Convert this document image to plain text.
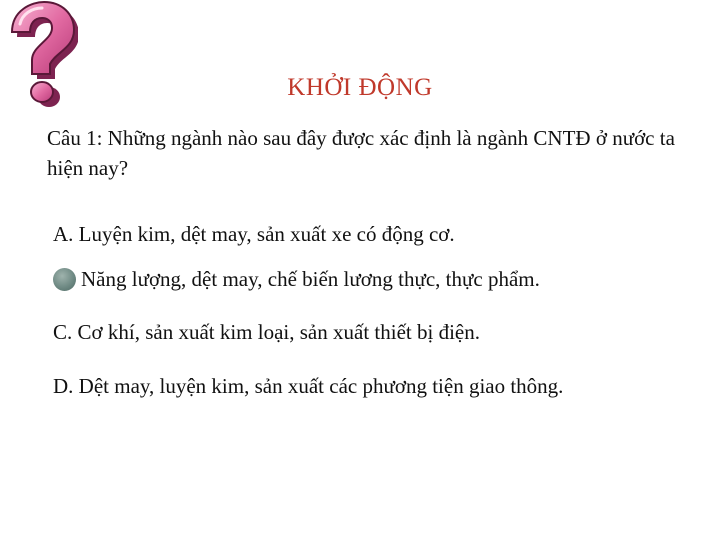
KHỞI ĐỘNG
Câu 1: Những ngành nào sau đây được xác định là ngành CNTĐ ở nước ta hiện nay?
A. Luyện kim, dệt may, sản xuất xe có động cơ.
Năng lượng, dệt may, chế biến lương thực, thực phẩm.
C. Cơ khí, sản xuất kim loại, sản xuất thiết bị điện.
D. Dệt may, luyện kim, sản xuất các phương tiện giao thông.
